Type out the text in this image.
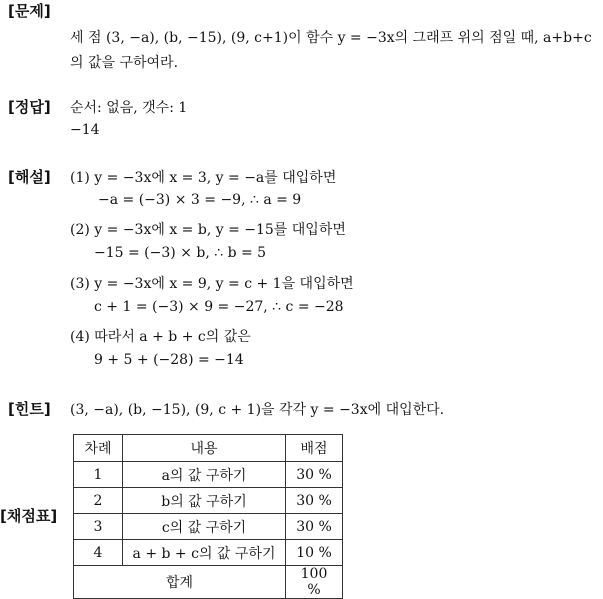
[문제]
세 점 (3, −a), (b, −15), (9, c+1)이 함수 y = −3x의 그래프 위의 점일 때, a+b+c
의 값을 구하여라.
[정답] 순서: 없음, 갯수: 1
−14
[해설] (1) y = −3x에 x = 3, y = −a를 대입하면
−a = (−3) × 3 = −9, ∴ a = 9
(2) y = −3x에 x = b, y = −15를 대입하면
−15 = (−3) × b, ∴ b = 5
(3) y = −3x에 x = 9, y = c + 1을 대입하면
c + 1 = (−3) × 9 = −27, ∴ c = −28
(4) 따라서 a + b + c의 값은
9 + 5 + (−28) = −14
[힌트] (3, −a), (b, −15), (9, c + 1)을 각각 y = −3x에 대입한다.
[채점표]
차례	내용	배점
1	a의 값 구하기	30 %
2	b의 값 구하기	30 %
3	c의 값 구하기	30 %
4	a + b + c의 값 구하기	10 %
합계		100 %
